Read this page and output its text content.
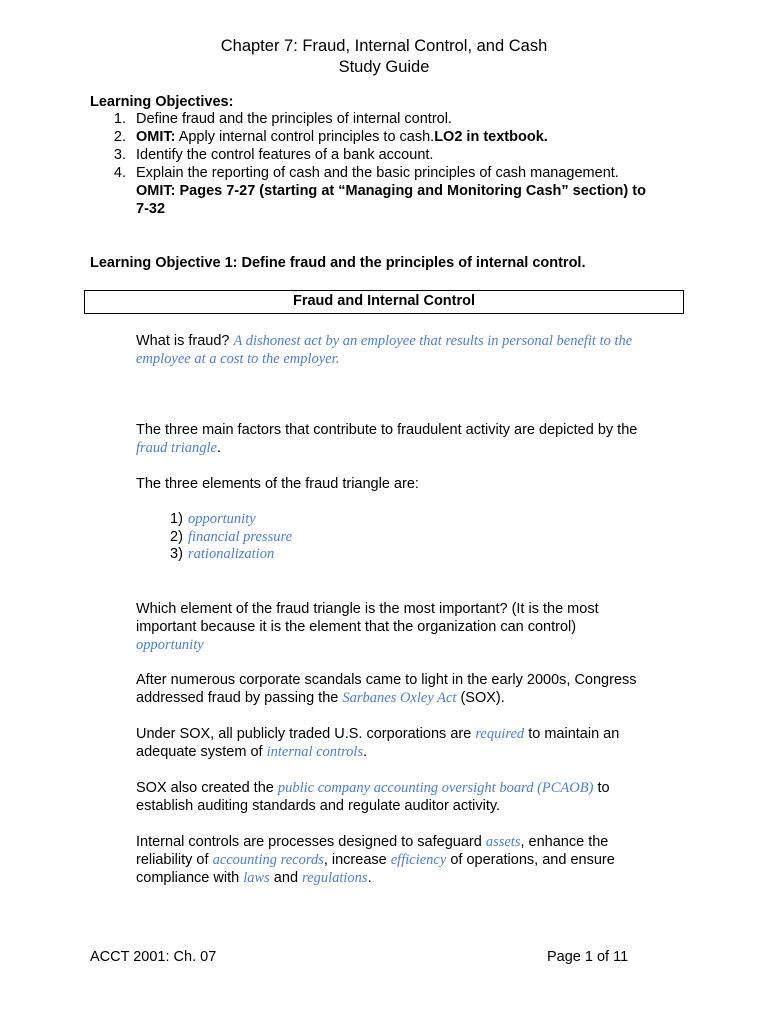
Chapter 7: Fraud, Internal Control, and Cash
Study Guide
Learning Objectives:
1. Define fraud and the principles of internal control.
2. OMIT: Apply internal control principles to cash.LO2 in textbook.
3. Identify the control features of a bank account.
4. Explain the reporting of cash and the basic principles of cash management.
OMIT: Pages 7-27 (starting at “Managing and Monitoring Cash” section) to
7-32
Learning Objective 1: Define fraud and the principles of internal control.
Fraud and Internal Control
What is fraud? A dishonest act by an employee that results in personal benefit to the
employee at a cost to the employer.
The three main factors that contribute to fraudulent activity are depicted by the
fraud triangle.
The three elements of the fraud triangle are:
1) opportunity
2) financial pressure
3) rationalization
Which element of the fraud triangle is the most important? (It is the most
important because it is the element that the organization can control)
opportunity
After numerous corporate scandals came to light in the early 2000s, Congress
addressed fraud by passing the Sarbanes Oxley Act (SOX).
Under SOX, all publicly traded U.S. corporations are required to maintain an
adequate system of internal controls.
SOX also created the public company accounting oversight board (PCAOB) to
establish auditing standards and regulate auditor activity.
Internal controls are processes designed to safeguard assets, enhance the
reliability of accounting records, increase efficiency of operations, and ensure
compliance with laws and regulations.
ACCT 2001: Ch. 07	Page 1 of 11
